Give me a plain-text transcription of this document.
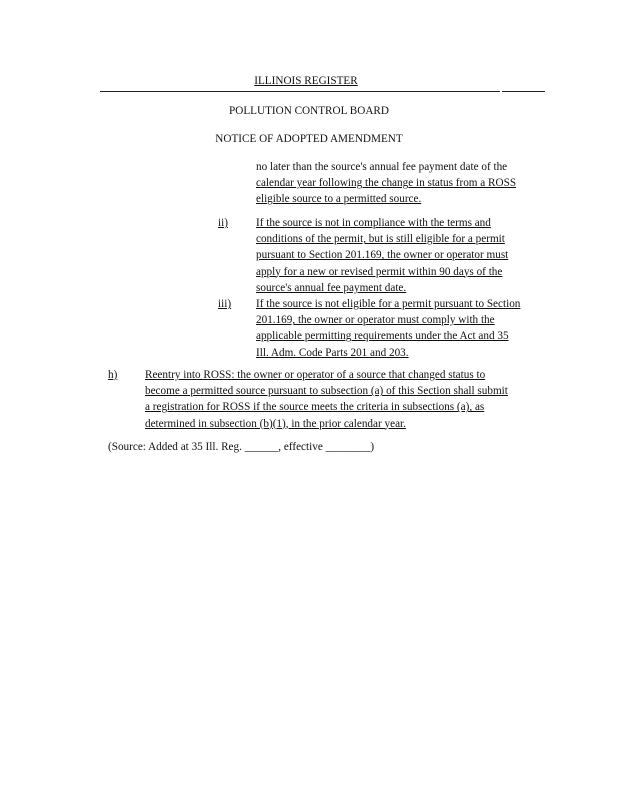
ILLINOIS REGISTER
POLLUTION CONTROL BOARD
NOTICE OF ADOPTED AMENDMENT
no later than the source's annual fee payment date of the
calendar year following the change in status from a ROSS
eligible source to a permitted source.
ii)	If the source is not in compliance with the terms and
conditions of the permit, but is still eligible for a permit
pursuant to Section 201.169, the owner or operator must
apply for a new or revised permit within 90 days of the
source's annual fee payment date.
iii) If the source is not eligible for a permit pursuant to Section
201.169, the owner or operator must comply with the
applicable permitting requirements under the Act and 35
Ill. Adm. Code Parts 201 and 203.
h) Reentry into ROSS: the owner or operator of a source that changed status to
become a permitted source pursuant to subsection (a) of this Section shall submit
a registration for ROSS if the source meets the criteria in subsections (a), as
determined in subsection (b)(1), in the prior calendar year.
(Source: Added at 35 Ill. Reg. ______, effective ________)
